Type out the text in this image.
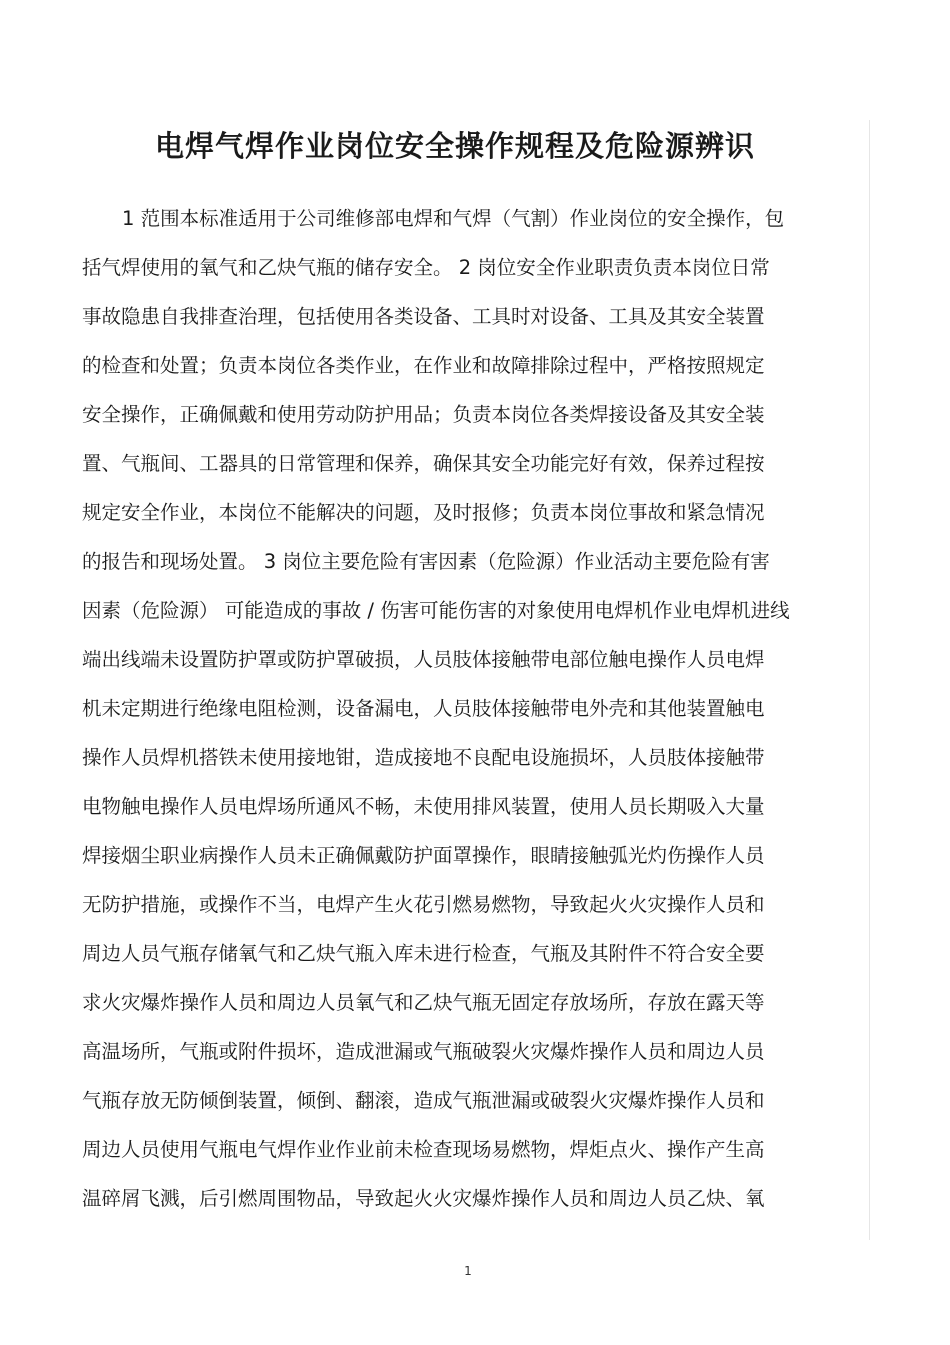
电焊气焊作业岗位安全操作规程及危险源辨识
1 范围本标准适用于公司维修部电焊和气焊（气割）作业岗位的安全操作，包
括气焊使用的氧气和乙炔气瓶的储存安全。 2 岗位安全作业职责负责本岗位日常
事故隐患自我排查治理，包括使用各类设备、工具时对设备、工具及其安全装置
的检查和处置；负责本岗位各类作业，在作业和故障排除过程中，严格按照规定
安全操作，正确佩戴和使用劳动防护用品；负责本岗位各类焊接设备及其安全装
置、气瓶间、工器具的日常管理和保养，确保其安全功能完好有效，保养过程按
规定安全作业，本岗位不能解决的问题，及时报修；负责本岗位事故和紧急情况
的报告和现场处置。 3 岗位主要危险有害因素（危险源）作业活动主要危险有害
因素（危险源） 可能造成的事故 / 伤害可能伤害的对象使用电焊机作业电焊机进线
端出线端未设置防护罩或防护罩破损，人员肢体接触带电部位触电操作人员电焊
机未定期进行绝缘电阻检测，设备漏电，人员肢体接触带电外壳和其他装置触电
操作人员焊机搭铁未使用接地钳，造成接地不良配电设施损坏，人员肢体接触带
电物触电操作人员电焊场所通风不畅，未使用排风装置，使用人员长期吸入大量
焊接烟尘职业病操作人员未正确佩戴防护面罩操作，眼睛接触弧光灼伤操作人员
无防护措施，或操作不当，电焊产生火花引燃易燃物，导致起火火灾操作人员和
周边人员气瓶存储氧气和乙炔气瓶入库未进行检查，气瓶及其附件不符合安全要
求火灾爆炸操作人员和周边人员氧气和乙炔气瓶无固定存放场所，存放在露天等
高温场所，气瓶或附件损坏，造成泄漏或气瓶破裂火灾爆炸操作人员和周边人员
气瓶存放无防倾倒装置，倾倒、翻滚，造成气瓶泄漏或破裂火灾爆炸操作人员和
周边人员使用气瓶电气焊作业作业前未检查现场易燃物，焊炬点火、操作产生高
温碎屑飞溅，后引燃周围物品，导致起火火灾爆炸操作人员和周边人员乙炔、氧
1
